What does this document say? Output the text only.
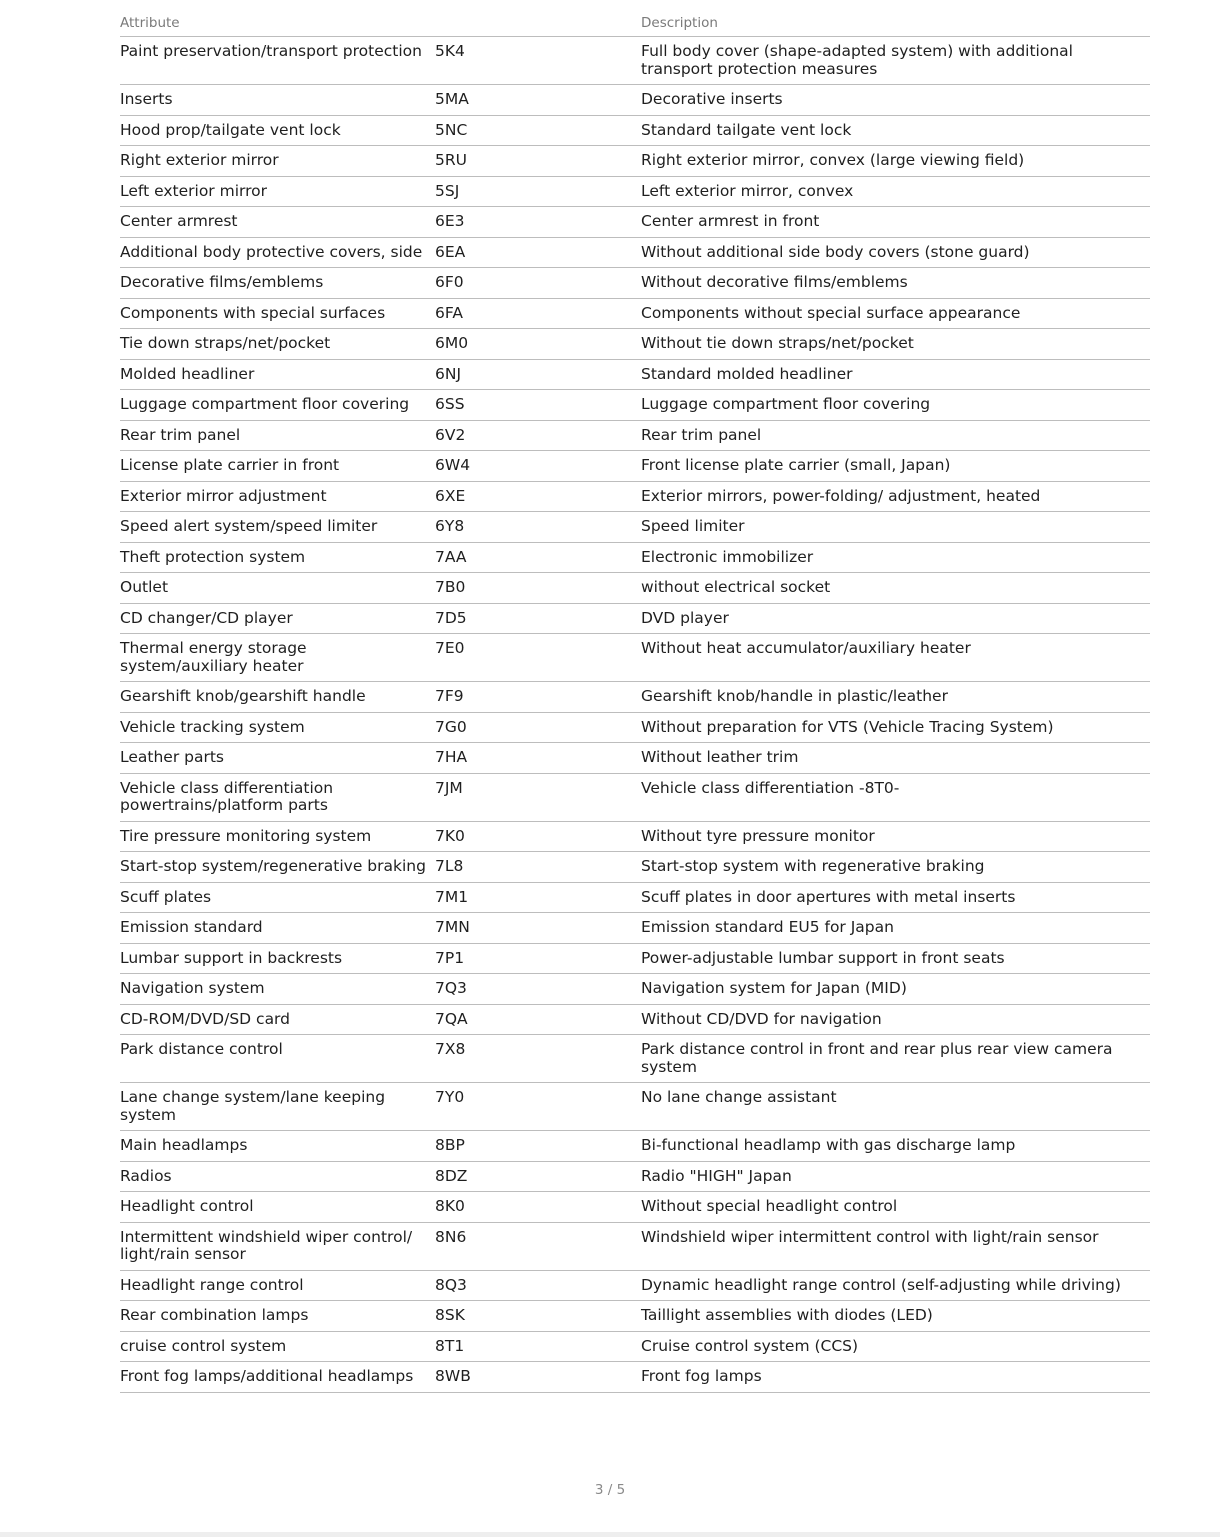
Attribute		Description
Paint preservation/transport protection	5K4	Full body cover (shape-adapted system) with additional transport protection measures
Inserts	5MA	Decorative inserts
Hood prop/tailgate vent lock	5NC	Standard tailgate vent lock
Right exterior mirror	5RU	Right exterior mirror, convex (large viewing field)
Left exterior mirror	5SJ	Left exterior mirror, convex
Center armrest	6E3	Center armrest in front
Additional body protective covers, side	6EA	Without additional side body covers (stone guard)
Decorative films/emblems	6F0	Without decorative films/emblems
Components with special surfaces	6FA	Components without special surface appearance
Tie down straps/net/pocket	6M0	Without tie down straps/net/pocket
Molded headliner	6NJ	Standard molded headliner
Luggage compartment floor covering	6SS	Luggage compartment floor covering
Rear trim panel	6V2	Rear trim panel
License plate carrier in front	6W4	Front license plate carrier (small, Japan)
Exterior mirror adjustment	6XE	Exterior mirrors, power-folding/ adjustment, heated
Speed alert system/speed limiter	6Y8	Speed limiter
Theft protection system	7AA	Electronic immobilizer
Outlet	7B0	without electrical socket
CD changer/CD player	7D5	DVD player
Thermal energy storage system/auxiliary heater	7E0	Without heat accumulator/auxiliary heater
Gearshift knob/gearshift handle	7F9	Gearshift knob/handle in plastic/leather
Vehicle tracking system	7G0	Without preparation for VTS (Vehicle Tracing System)
Leather parts	7HA	Without leather trim
Vehicle class differentiation powertrains/platform parts	7JM	Vehicle class differentiation -8T0-
Tire pressure monitoring system	7K0	Without tyre pressure monitor
Start-stop system/regenerative braking	7L8	Start-stop system with regenerative braking
Scuff plates	7M1	Scuff plates in door apertures with metal inserts
Emission standard	7MN	Emission standard EU5 for Japan
Lumbar support in backrests	7P1	Power-adjustable lumbar support in front seats
Navigation system	7Q3	Navigation system for Japan (MID)
CD-ROM/DVD/SD card	7QA	Without CD/DVD for navigation
Park distance control	7X8	Park distance control in front and rear plus rear view camera system
Lane change system/lane keeping system	7Y0	No lane change assistant
Main headlamps	8BP	Bi-functional headlamp with gas discharge lamp
Radios	8DZ	Radio "HIGH" Japan
Headlight control	8K0	Without special headlight control
Intermittent windshield wiper control/ light/rain sensor	8N6	Windshield wiper intermittent control with light/rain sensor
Headlight range control	8Q3	Dynamic headlight range control (self-adjusting while driving)
Rear combination lamps	8SK	Taillight assemblies with diodes (LED)
cruise control system	8T1	Cruise control system (CCS)
Front fog lamps/additional headlamps	8WB	Front fog lamps
3 / 5
